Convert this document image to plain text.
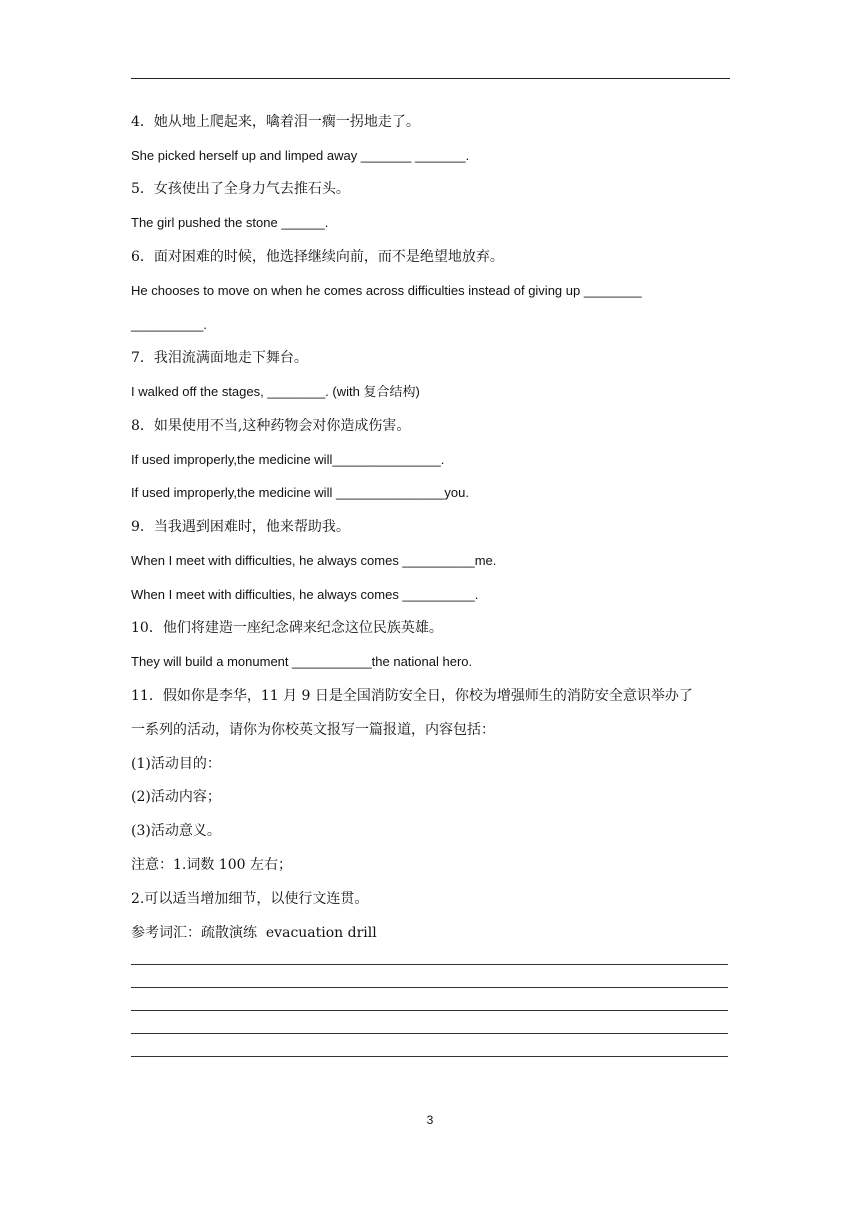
4．她从地上爬起来，噙着泪一瘸一拐地走了。
She picked herself up and limped away _______ _______.
5．女孩使出了全身力气去推石头。
The girl pushed the stone ______.
6．面对困难的时候，他选择继续向前，而不是绝望地放弃。
He chooses to move on when he comes across difficulties instead of giving up ________
__________.
7．我泪流满面地走下舞台。
I walked off the stages, ________. (with 复合结构)
8．如果使用不当,这种药物会对你造成伤害。
If used improperly,the medicine will_______________.
If used improperly,the medicine will _______________you.
9．当我遇到困难时，他来帮助我。
When I meet with difficulties, he always comes __________me.
When I meet with difficulties, he always comes __________.
10．他们将建造一座纪念碑来纪念这位民族英雄。
They will build a monument ___________the national hero.
11．假如你是李华，11 月 9 日是全国消防安全日，你校为增强师生的消防安全意识举办了
一系列的活动，请你为你校英文报写一篇报道，内容包括：
(1)活动目的：
(2)活动内容；
(3)活动意义。
注意：1.词数 100 左右；
2.可以适当增加细节，以使行文连贯。
参考词汇：疏散演练  evacuation drill
3
